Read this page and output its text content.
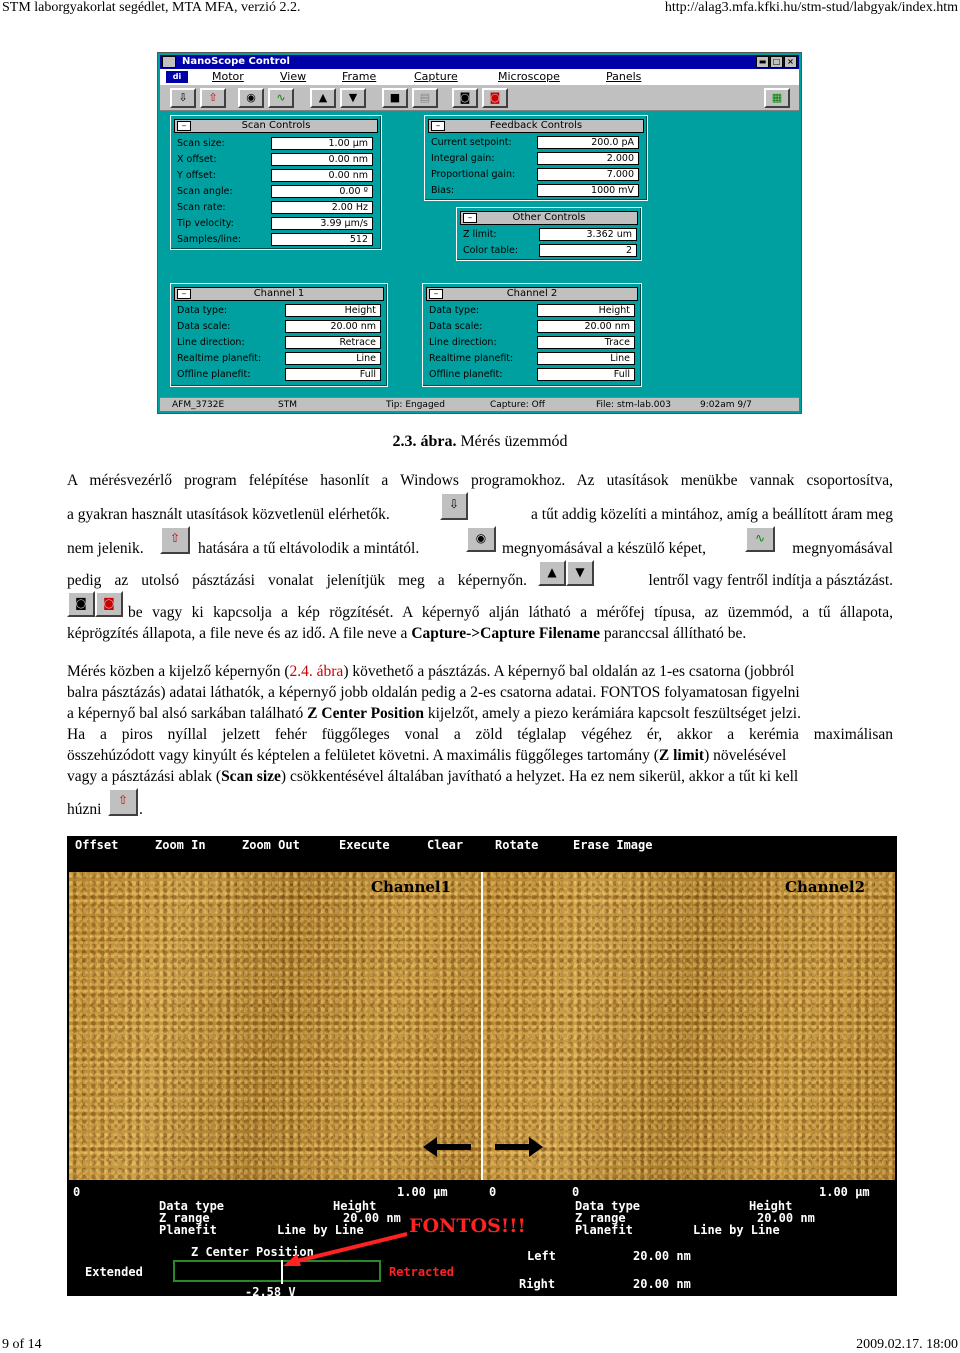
STM laborgyakorlat segédlet, MTA MFA, verzió 2.2.	http://alag3.mfa.kfki.hu/stm-stud/labgyak/index.htm
NanoScope Control	▬ □ ×
di	Motor	View	Frame	Capture	Microscope	Panels
⇩	⇧	◉	∿	▲	▼	■	▤	◙	◙	▦
–	Scan Controls
Scan size:	1.00 µm
X offset:	0.00 nm
Y offset:	0.00 nm
Scan angle:	0.00 º
Scan rate:	2.00 Hz
Tip velocity:	3.99 µm/s
Samples/line:	512
–	Feedback Controls
Current setpoint:	200.0 pA
Integral gain:	2.000
Proportional gain:	7.000
Bias:	1000 mV
–	Other Controls
Z limit:	3.362 um
Color table:	2
–	Channel 1
Data type:	Height
Data scale:	20.00 nm
Line direction:	Retrace
Realtime planefit:	Line
Offline planefit:	Full
–	Channel 2
Data type:	Height
Data scale:	20.00 nm
Line direction:	Trace
Realtime planefit:	Line
Offline planefit:	Full
AFM_3732E	STM	Tip: Engaged	Capture: Off	File: stm-lab.003	9:02am 9/7
2.3. ábra. Mérés üzemmód
A mérésvezérlő program felépítése hasonlít a Windows programokhoz. Az utasítások menükbe vannak csoportosítva,
a gyakran használt utasítások közvetlenül elérhetők.
⇩
a tűt addig közelíti a mintához, amíg a beállított áram meg
nem jelenik.
⇧
hatására a tű eltávolodik a mintától.
◉
megnyomásával a készülő képet,
∿
megnyomásával
pedig az utolsó pásztázási vonalat jelenítjük meg a képernyőn.	▲	▼	lentről vagy fentről indítja a pásztázást.
◙	◙
be vagy ki kapcsolja a kép rögzítését. A képernyő alján látható a mérőfej típusa, az üzemmód, a tű állapota,
képrögzítés állapota, a file neve és az idő. A file neve a Capture->Capture Filename paranccsal állítható be.
Mérés közben a kijelző képernyőn (2.4. ábra) követhető a pásztázás. A képernyő bal oldalán az 1-es csatorna (jobbról
balra pásztázás) adatai láthatók, a képernyő jobb oldalán pedig a 2-es csatorna adatai. FONTOS folyamatosan figyelni
a képernyő bal alsó sarkában található Z Center Position kijelzőt, amely a piezo kerámiára kapcsolt feszültséget jelzi.
Ha a piros nyíllal jelzett fehér függőleges vonal a zöld téglalap végéhez ér, akkor a kerémia maximálisan
összehúzódott vagy kinyúlt és képtelen a felületet követni. A maximális függőleges tartomány (Z limit) növelésével
vagy a pásztázási ablak (Scan size) csökkentésével általában javítható a helyzet. Ha ez nem sikerül, akkor a tűt ki kell
húzni
⇧
.
Offset	Zoom In	Zoom Out	Execute	Clear	Rotate	Erase Image
Channel1	Channel2
0	1.00 µm	0	0	1.00 µm
Data type	Height
Z range	20.00 nm
Planefit	Line by Line
Data type	Height
Z range	20.00 nm
Planefit	Line by Line
FONTOS!!!
Z Center Position
Extended	Retracted
-2.58 V
Left	20.00 nm
Right	20.00 nm
9 of 14	2009.02.17. 18:00
